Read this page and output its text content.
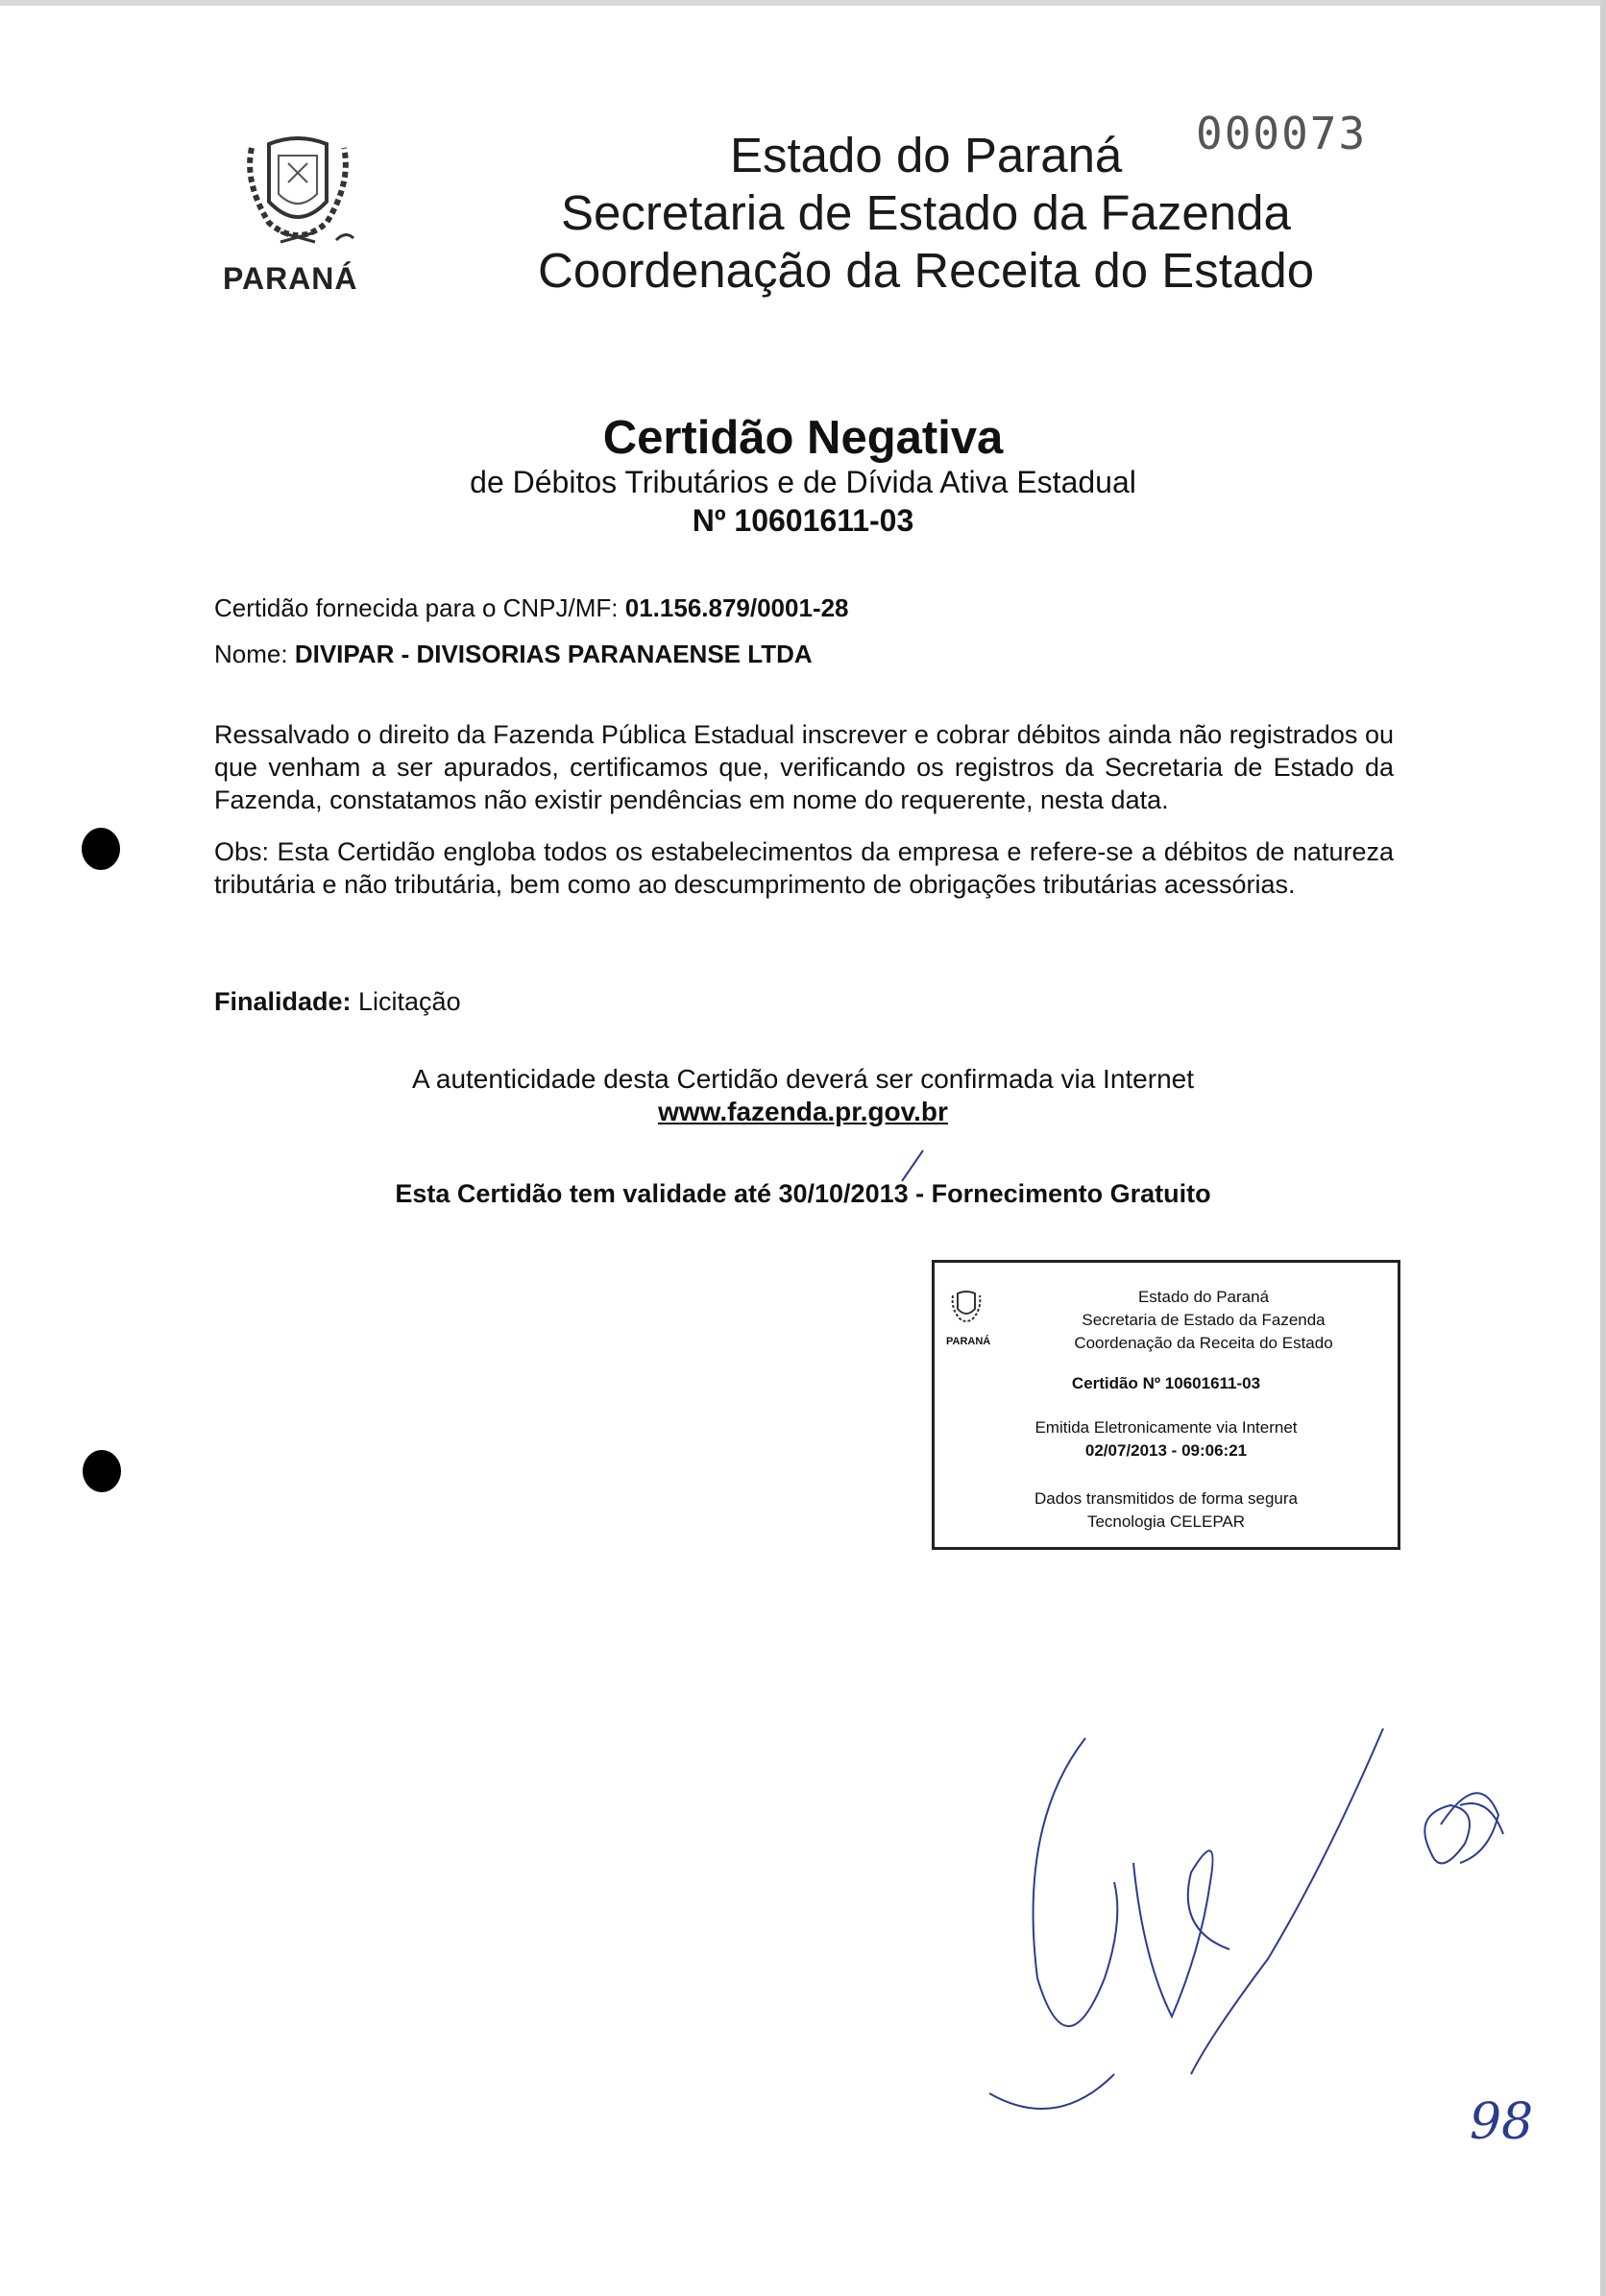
PARANÁ
Estado do Paraná
Secretaria de Estado da Fazenda
Coordenação da Receita do Estado
000073
Certidão Negativa
de Débitos Tributários e de Dívida Ativa Estadual
Nº 10601611-03
Certidão fornecida para o CNPJ/MF: 01.156.879/0001-28
Nome: DIVIPAR - DIVISORIAS PARANAENSE LTDA
Ressalvado o direito da Fazenda Pública Estadual inscrever e cobrar débitos ainda não registrados ou que venham a ser apurados, certificamos que, verificando os registros da Secretaria de Estado da Fazenda, constatamos não existir pendências em nome do requerente, nesta data.
Obs: Esta Certidão engloba todos os estabelecimentos da empresa e refere-se a débitos de natureza tributária e não tributária, bem como ao descumprimento de obrigações tributárias acessórias.
Finalidade: Licitação
A autenticidade desta Certidão deverá ser confirmada via Internet
www.fazenda.pr.gov.br
Esta Certidão tem validade até 30/10/2013 - Fornecimento Gratuito
PARANÁ
Estado do Paraná
Secretaria de Estado da Fazenda
Coordenação da Receita do Estado
Certidão Nº 10601611-03
Emitida Eletronicamente via Internet
02/07/2013 - 09:06:21
Dados transmitidos de forma segura
Tecnologia CELEPAR
98
